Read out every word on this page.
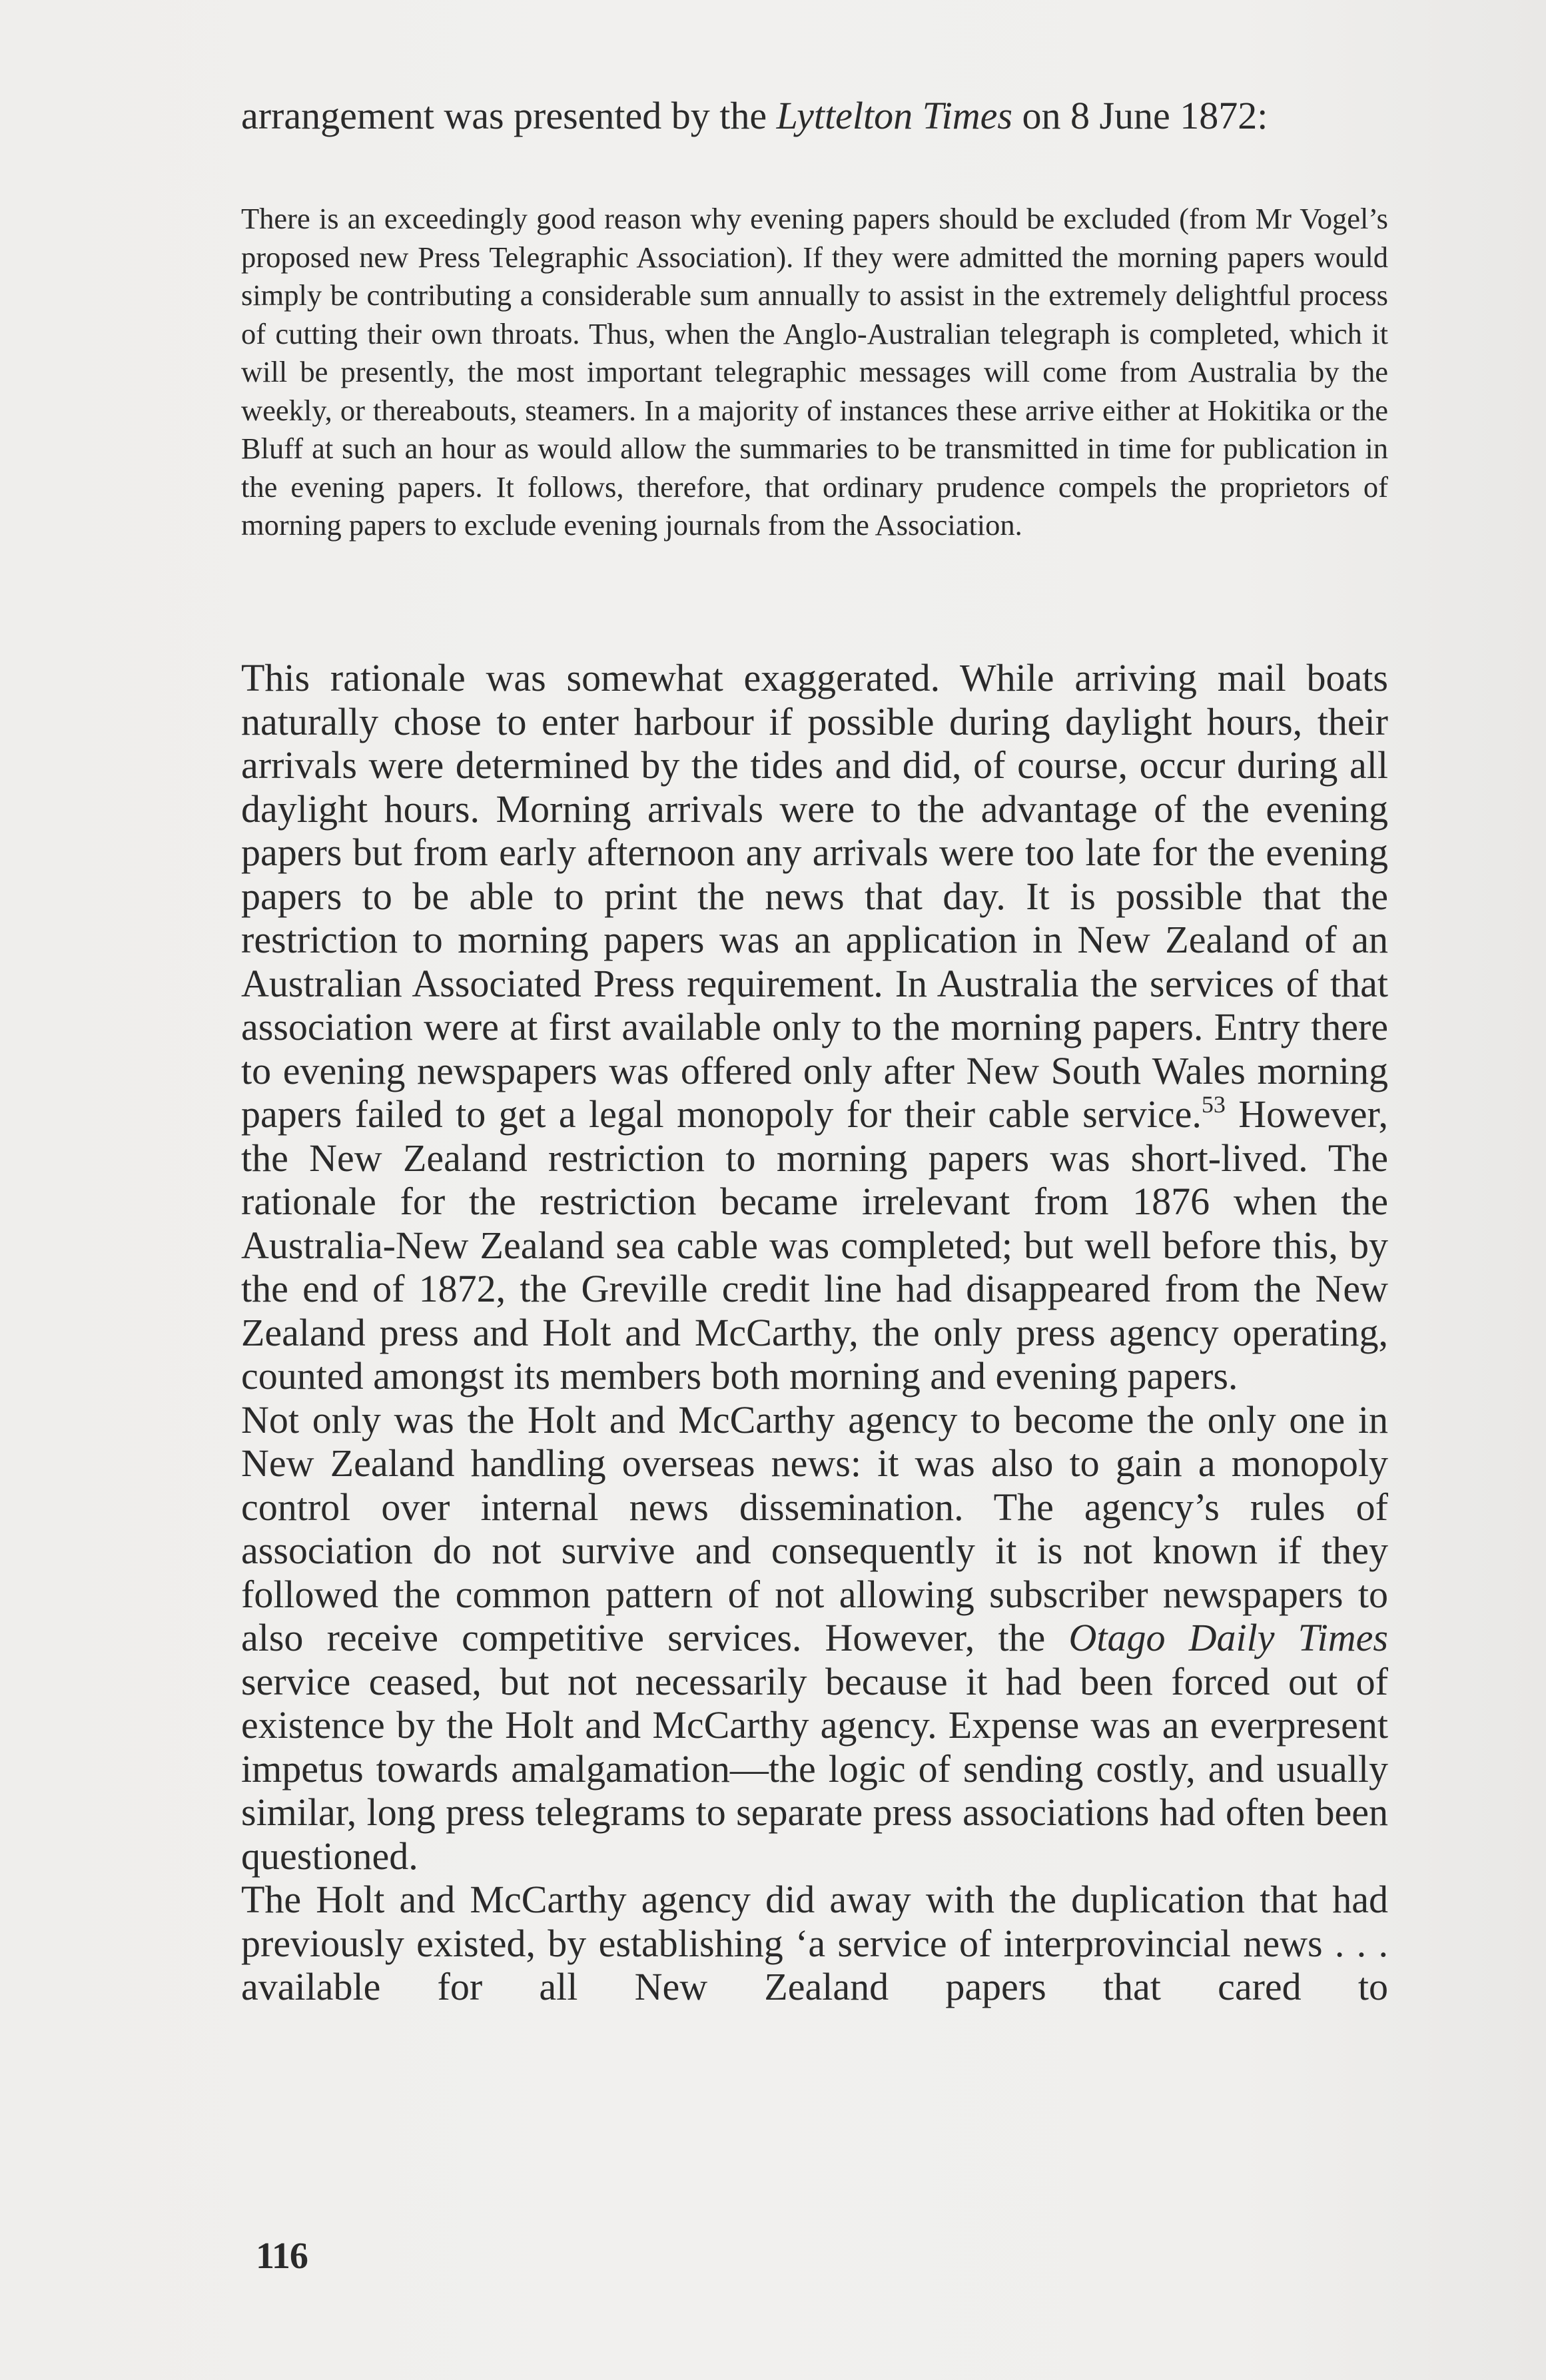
arrangement was presented by the Lyttelton Times on 8 June 1872:
There is an exceedingly good reason why evening papers should be excluded (from Mr Vogel’s proposed new Press Telegraphic Association). If they were admitted the morning papers would simply be contributing a considerable sum annually to assist in the extremely delightful process of cutting their own throats. Thus, when the Anglo-Australian telegraph is completed, which it will be presently, the most important telegraphic messages will come from Australia by the weekly, or thereabouts, steamers. In a majority of instances these arrive either at Hokitika or the Bluff at such an hour as would allow the summaries to be transmitted in time for publication in the evening papers. It follows, therefore, that ordinary prudence compels the proprietors of morning papers to exclude evening journals from the Association.

This rationale was somewhat exaggerated. While arriving mail boats naturally chose to enter harbour if possible during daylight hours, their arrivals were determined by the tides and did, of course, occur during all daylight hours. Morning arrivals were to the advantage of the evening papers but from early afternoon any arrivals were too late for the evening papers to be able to print the news that day. It is possible that the restriction to morning papers was an application in New Zealand of an Australian Associated Press requirement. In Australia the services of that association were at first available only to the morning papers. Entry there to evening newspapers was offered only after New South Wales morning papers failed to get a legal monopoly for their cable service.$^{53}$ However, the New Zealand restriction to morning papers was short-lived. The rationale for the restriction became irrelevant from 1876 when the Australia-New Zealand sea cable was completed; but well before this, by the end of 1872, the Greville credit line had disappeared from the New Zealand press and Holt and McCarthy, the only press agency operating, counted amongst its members both morning and evening papers.

Not only was the Holt and McCarthy agency to become the only one in New Zealand handling overseas news: it was also to gain a monopoly control over internal news dissemination. The agency’s rules of association do not survive and consequently it is not known if they followed the common pattern of not allowing subscriber newspapers to also receive competitive services. However, the Otago Daily Times service ceased, but not necessarily because it had been forced out of existence by the Holt and McCarthy agency. Expense was an everpresent impetus towards amalgamation—the logic of sending costly, and usually similar, long press telegrams to separate press associations had often been questioned.

The Holt and McCarthy agency did away with the duplication that had previously existed, by establishing ‘a service of interprovincial news . . . available for all New Zealand papers that cared to

116
